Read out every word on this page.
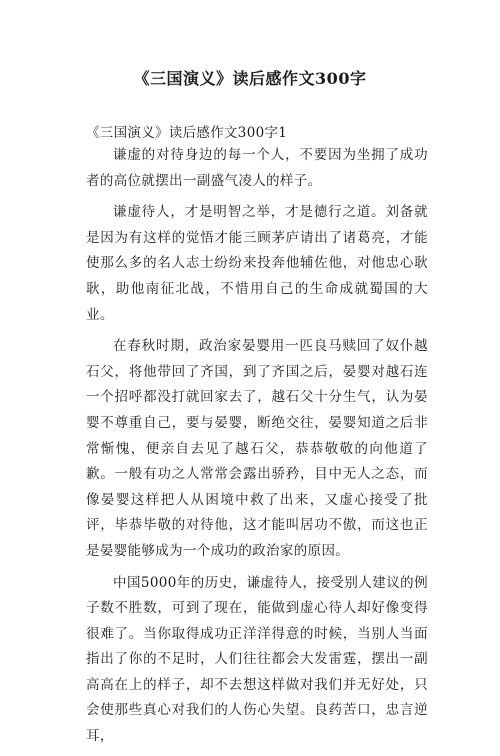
《三国演义》读后感作文300字
《三国演义》读后感作文300字1

谦虚的对待身边的每一个人，不要因为坐拥了成功者的高位就摆出一副盛气凌人的样子。

谦虚待人，才是明智之举，才是德行之道。刘备就是因为有这样的觉悟才能三顾茅庐请出了诸葛亮，才能使那么多的名人志士纷纷来投奔他辅佐他，对他忠心耿耿，助他南征北战，不惜用自己的生命成就蜀国的大业。

在春秋时期，政治家晏婴用一匹良马赎回了奴仆越石父，将他带回了齐国，到了齐国之后，晏婴对越石连一个招呼都没打就回家去了，越石父十分生气，认为晏婴不尊重自己，要与晏婴，断绝交往，晏婴知道之后非常惭愧，便亲自去见了越石父，恭恭敬敬的向他道了歉。一般有功之人常常会露出骄矜，目中无人之态，而像晏婴这样把人从困境中救了出来，又虚心接受了批评，毕恭毕敬的对待他，这才能叫居功不傲，而这也正是晏婴能够成为一个成功的政治家的原因。

中国5000年的历史，谦虚待人，接受别人建议的例子数不胜数，可到了现在，能做到虚心待人却好像变得很难了。当你取得成功正洋洋得意的时候，当别人当面指出了你的不足时，人们往往都会大发雷霆，摆出一副高高在上的样子，却不去想这样做对我们并无好处，只会使那些真心对我们的人伤心失望。良药苦口，忠言逆耳，
